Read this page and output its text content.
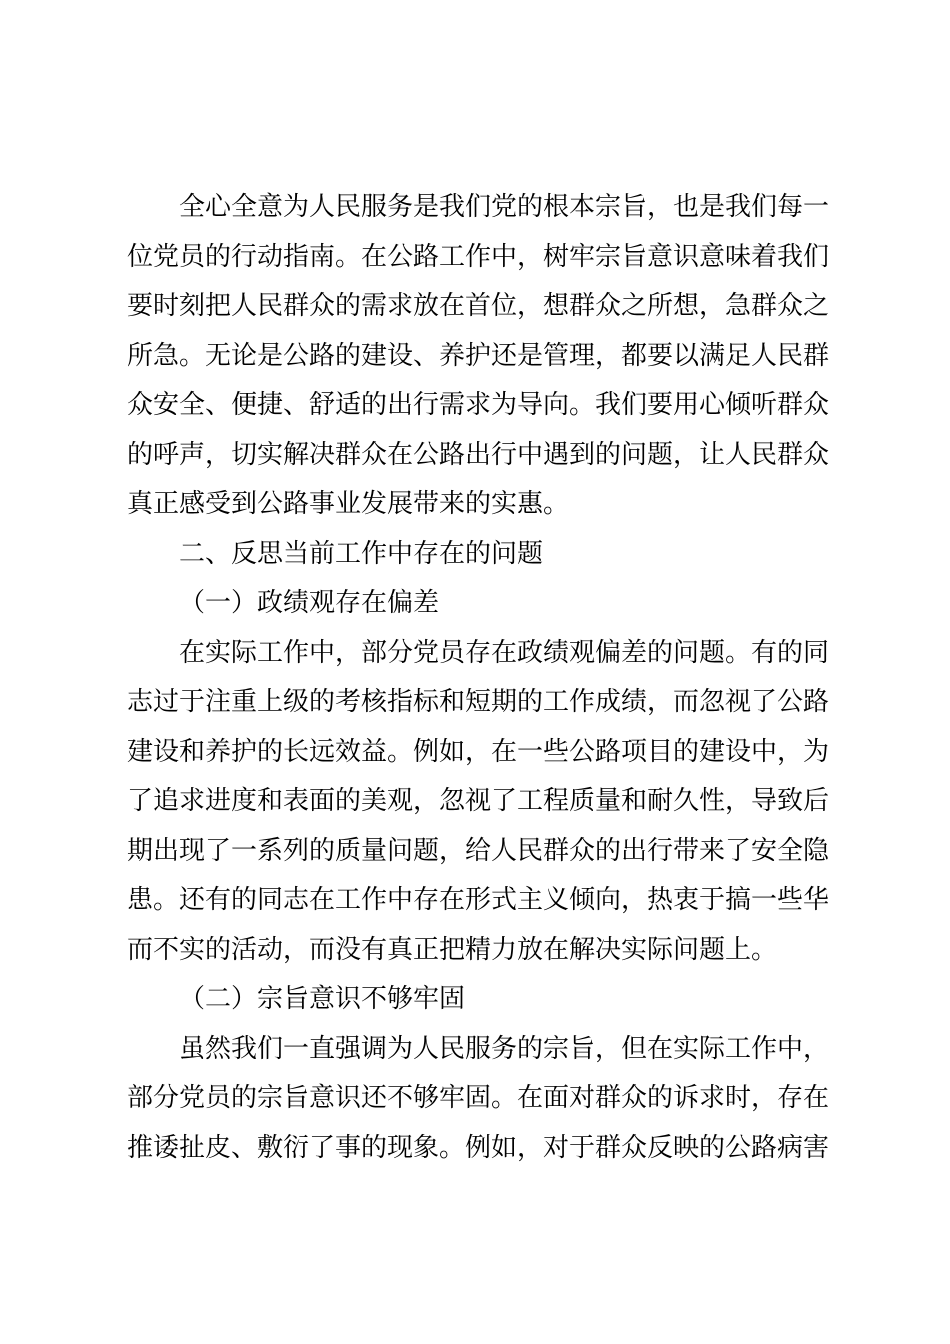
全心全意为人民服务是我们党的根本宗旨，也是我们每一
位党员的行动指南。在公路工作中，树牢宗旨意识意味着我们
要时刻把人民群众的需求放在首位，想群众之所想，急群众之
所急。无论是公路的建设、养护还是管理，都要以满足人民群
众安全、便捷、舒适的出行需求为导向。我们要用心倾听群众
的呼声，切实解决群众在公路出行中遇到的问题，让人民群众
真正感受到公路事业发展带来的实惠。
二、反思当前工作中存在的问题
（一）政绩观存在偏差
在实际工作中，部分党员存在政绩观偏差的问题。有的同
志过于注重上级的考核指标和短期的工作成绩，而忽视了公路
建设和养护的长远效益。例如，在一些公路项目的建设中，为
了追求进度和表面的美观，忽视了工程质量和耐久性，导致后
期出现了一系列的质量问题，给人民群众的出行带来了安全隐
患。还有的同志在工作中存在形式主义倾向，热衷于搞一些华
而不实的活动，而没有真正把精力放在解决实际问题上。
（二）宗旨意识不够牢固
虽然我们一直强调为人民服务的宗旨，但在实际工作中，
部分党员的宗旨意识还不够牢固。在面对群众的诉求时，存在
推诿扯皮、敷衍了事的现象。例如，对于群众反映的公路病害
